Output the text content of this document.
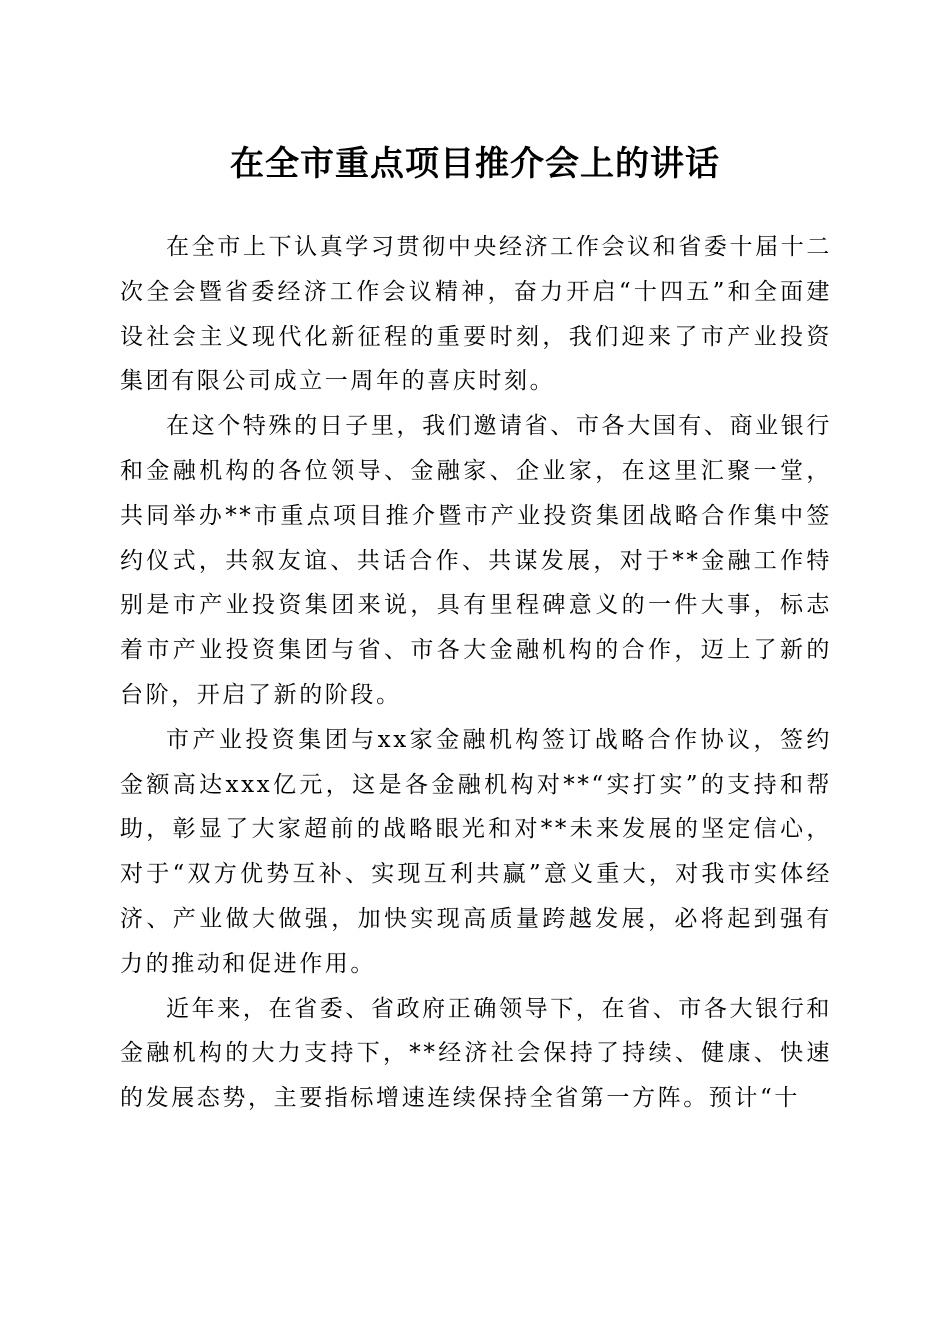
在全市重点项目推介会上的讲话

在全市上下认真学习贯彻中央经济工作会议和省委十届十二次全会暨省委经济工作会议精神，奋力开启“十四五”和全面建设社会主义现代化新征程的重要时刻，我们迎来了市产业投资集团有限公司成立一周年的喜庆时刻。

在这个特殊的日子里，我们邀请省、市各大国有、商业银行和金融机构的各位领导、金融家、企业家，在这里汇聚一堂，共同举办**市重点项目推介暨市产业投资集团战略合作集中签约仪式，共叙友谊、共话合作、共谋发展，对于**金融工作特别是市产业投资集团来说，具有里程碑意义的一件大事，标志着市产业投资集团与省、市各大金融机构的合作，迈上了新的台阶，开启了新的阶段。

市产业投资集团与xx家金融机构签订战略合作协议，签约金额高达xxx亿元，这是各金融机构对**“实打实”的支持和帮助，彰显了大家超前的战略眼光和对**未来发展的坚定信心，对于“双方优势互补、实现互利共赢”意义重大，对我市实体经济、产业做大做强，加快实现高质量跨越发展，必将起到强有力的推动和促进作用。

近年来，在省委、省政府正确领导下，在省、市各大银行和金融机构的大力支持下，**经济社会保持了持续、健康、快速的发展态势，主要指标增速连续保持全省第一方阵。预计“十
